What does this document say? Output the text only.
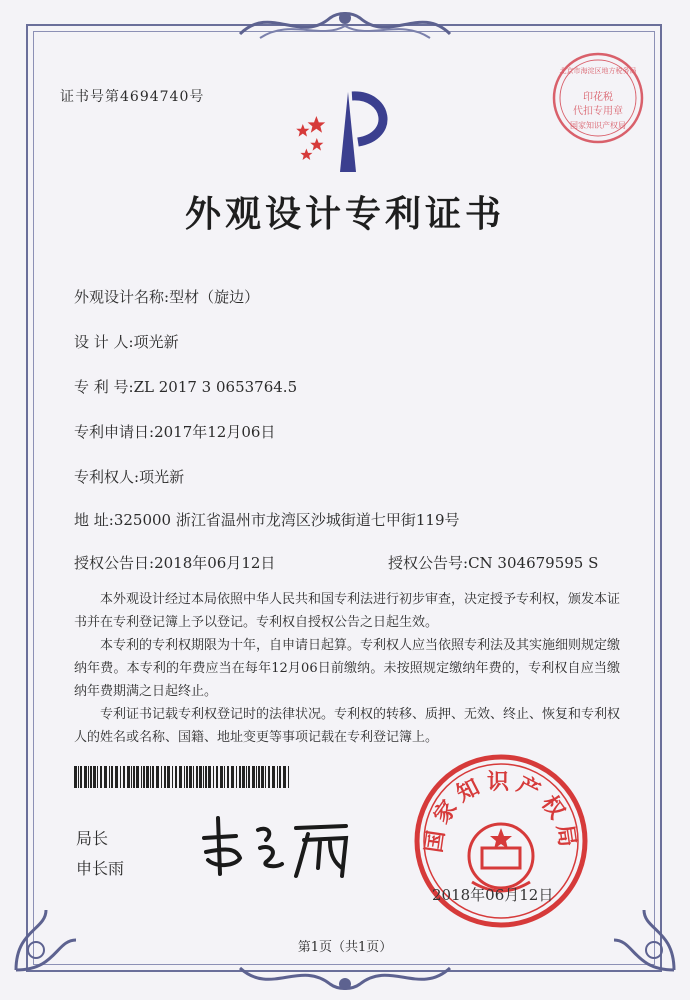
证书号第4694740号
北京市海淀区地方税务局
印花税
代扣专用章
国家知识产权局
外观设计专利证书
外观设计名称:型材（旋边）
设 计 人:项光新
专 利 号:ZL 2017 3 0653764.5
专利申请日:2017年12月06日
专利权人:项光新
地 址:325000 浙江省温州市龙湾区沙城街道七甲街119号
授权公告日:2018年06月12日	授权公告号:CN 304679595 S

本外观设计经过本局依照中华人民共和国专利法进行初步审查，决定授予专利权，颁发本证书并在专利登记簿上予以登记。专利权自授权公告之日起生效。

本专利的专利权期限为十年，自申请日起算。专利权人应当依照专利法及其实施细则规定缴纳年费。本专利的年费应当在每年12月06日前缴纳。未按照规定缴纳年费的，专利权自应当缴纳年费期满之日起终止。

专利证书记载专利权登记时的法律状况。专利权的转移、质押、无效、终止、恢复和专利权人的姓名或名称、国籍、地址变更等事项记载在专利登记簿上。

局长
申长雨
国家知识产权局
2018年06月12日
第1页（共1页）
